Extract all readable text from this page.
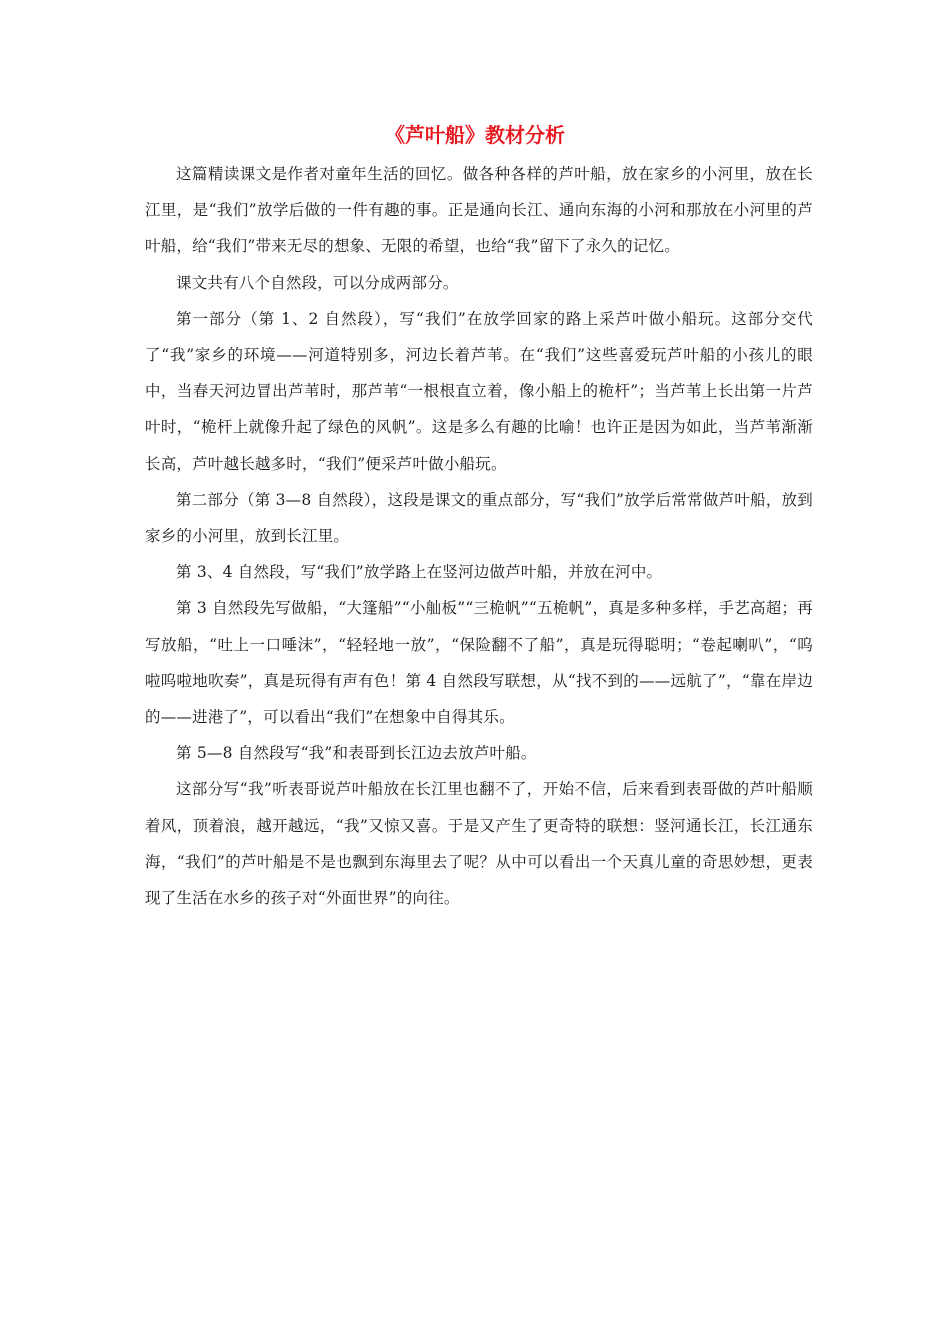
《芦叶船》教材分析

这篇精读课文是作者对童年生活的回忆。做各种各样的芦叶船，放在家乡的小河里，放在长江里，是“我们”放学后做的一件有趣的事。正是通向长江、通向东海的小河和那放在小河里的芦叶船，给“我们”带来无尽的想象、无限的希望，也给“我”留下了永久的记忆。

课文共有八个自然段，可以分成两部分。

第一部分（第 1、2 自然段），写“我们”在放学回家的路上采芦叶做小船玩。这部分交代了“我”家乡的环境——河道特别多，河边长着芦苇。在“我们”这些喜爱玩芦叶船的小孩儿的眼中，当春天河边冒出芦苇时，那芦苇“一根根直立着，像小船上的桅杆”；当芦苇上长出第一片芦叶时，“桅杆上就像升起了绿色的风帆”。这是多么有趣的比喻！也许正是因为如此，当芦苇渐渐长高，芦叶越长越多时，“我们”便采芦叶做小船玩。

第二部分（第 3—8 自然段），这段是课文的重点部分，写“我们”放学后常常做芦叶船，放到家乡的小河里，放到长江里。

第 3、4 自然段，写“我们”放学路上在竖河边做芦叶船，并放在河中。

第 3 自然段先写做船，“大篷船”“小舢板”“三桅帆”“五桅帆”，真是多种多样，手艺高超；再写放船，“吐上一口唾沫”，“轻轻地一放”，“保险翻不了船”，真是玩得聪明；“卷起喇叭”，“呜啦呜啦地吹奏”，真是玩得有声有色！第 4 自然段写联想，从“找不到的——远航了”，“靠在岸边的——进港了”，可以看出“我们”在想象中自得其乐。

第 5—8 自然段写“我”和表哥到长江边去放芦叶船。

这部分写“我”听表哥说芦叶船放在长江里也翻不了，开始不信，后来看到表哥做的芦叶船顺着风，顶着浪，越开越远，“我”又惊又喜。于是又产生了更奇特的联想：竖河通长江，长江通东海，“我们”的芦叶船是不是也飘到东海里去了呢？从中可以看出一个天真儿童的奇思妙想，更表现了生活在水乡的孩子对“外面世界”的向往。
